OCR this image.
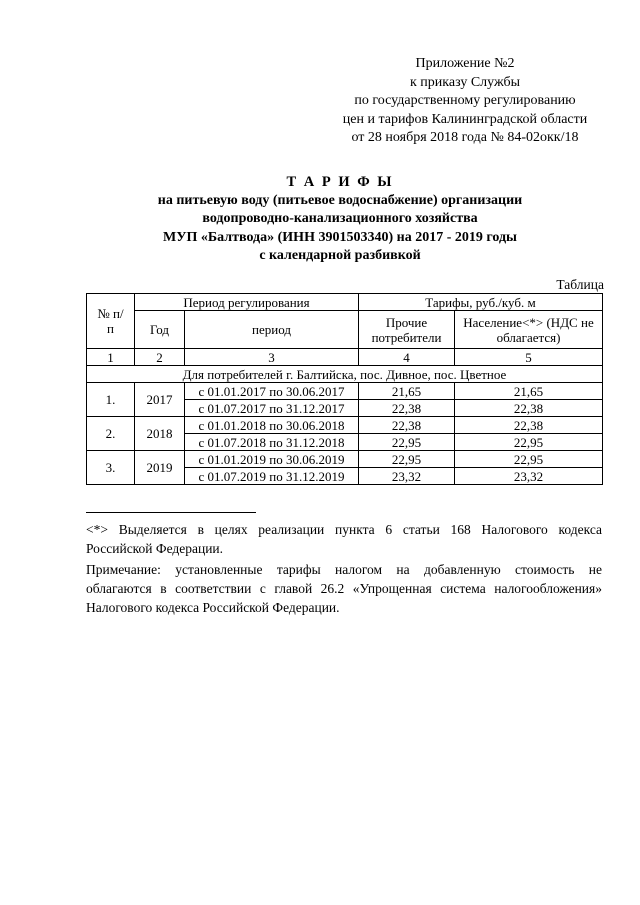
Приложение №2
к приказу Службы
по государственному регулированию
цен и тарифов Калининградской области
от 28 ноября 2018 года № 84-02окк/18
Т А Р И Ф Ы
на питьевую воду (питьевое водоснабжение) организации
водопроводно-канализационного хозяйства
МУП «Балтвода» (ИНН 3901503340) на 2017 - 2019 годы
с календарной разбивкой
Таблица
№ п/п	Период регулирования		Тарифы, руб./куб. м	
	Год	период	Прочие потребители	Население<*> (НДС не облагается)
1	2	3	4	5
Для потребителей г. Балтийска, пос. Дивное, пос. Цветное				
1.	2017	с 01.01.2017 по 30.06.2017	21,65	21,65
		с 01.07.2017 по 31.12.2017	22,38	22,38
2.	2018	с 01.01.2018 по 30.06.2018	22,38	22,38
		с 01.07.2018 по 31.12.2018	22,95	22,95
3.	2019	с 01.01.2019 по 30.06.2019	22,95	22,95
		с 01.07.2019 по 31.12.2019	23,32	23,32
<*> Выделяется в целях реализации пункта 6 статьи 168 Налогового кодекса
Российской Федерации.
Примечание: установленные тарифы налогом на добавленную стоимость не
облагаются в соответствии с главой 26.2 «Упрощенная система налогообложения»
Налогового кодекса Российской Федерации.
